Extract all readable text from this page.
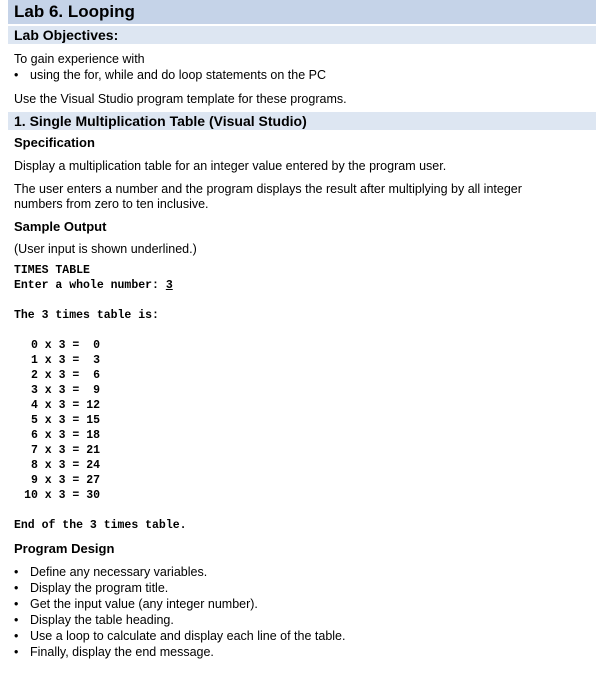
Lab 6. Looping
Lab Objectives:
To gain experience with
• using the for, while and do loop statements on the PC
Use the Visual Studio program template for these programs.
1. Single Multiplication Table (Visual Studio)
Specification
Display a multiplication table for an integer value entered by the program user.
The user enters a number and the program displays the result after multiplying by all integer
numbers from zero to ten inclusive.
Sample Output
(User input is shown underlined.)
TIMES TABLE
Enter a whole number: 3
The 3 times table is:
0 x 3 =  0
1 x 3 =  3
2 x 3 =  6
3 x 3 =  9
4 x 3 = 12
5 x 3 = 15
6 x 3 = 18
7 x 3 = 21
8 x 3 = 24
9 x 3 = 27
10 x 3 = 30
End of the 3 times table.
Program Design
• Define any necessary variables.
• Display the program title.
• Get the input value (any integer number).
• Display the table heading.
• Use a loop to calculate and display each line of the table.
• Finally, display the end message.
